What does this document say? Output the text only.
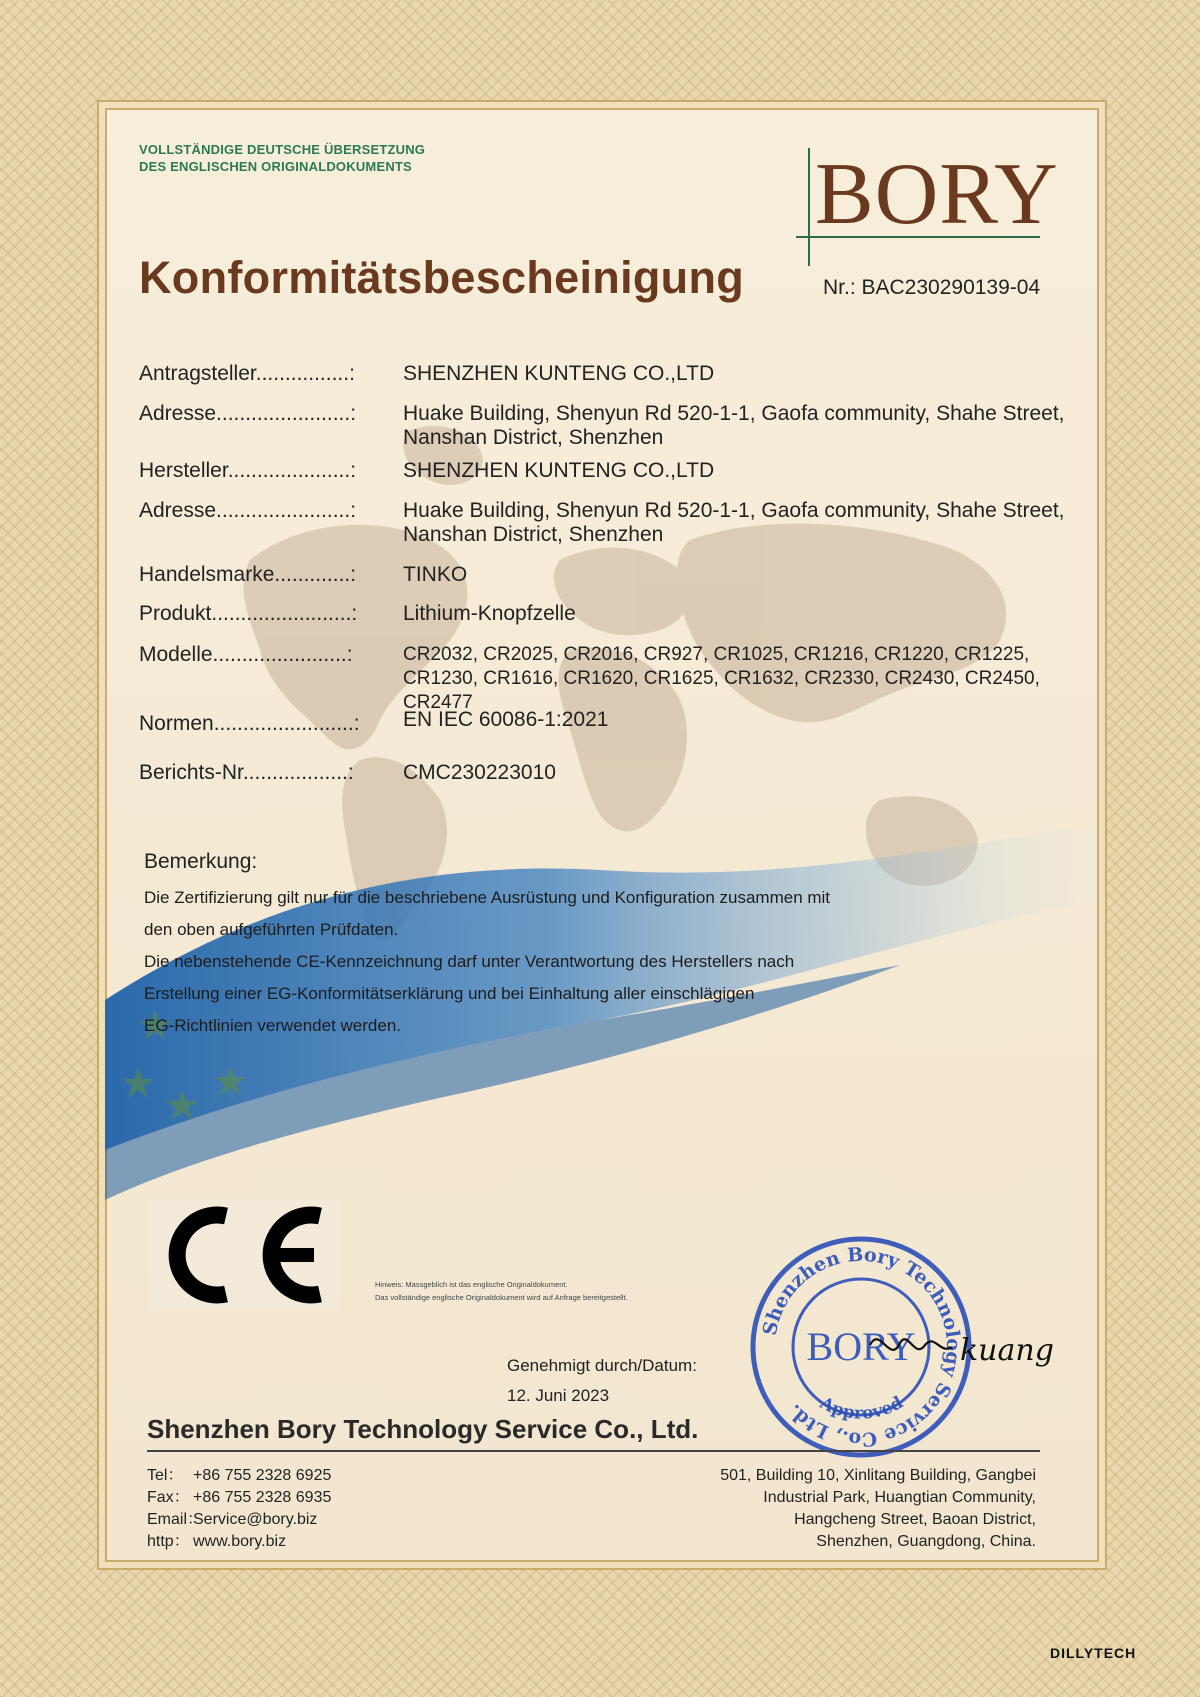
VOLLSTÄNDIGE DEUTSCHE ÜBERSETZUNG
DES ENGLISCHEN ORIGINALDOKUMENTS	BORY
Konformitätsbescheinigung	Nr.: BAC230290139-04
Antragsteller................: SHENZHEN KUNTENG CO.,LTD
Adresse.......................: Huake Building, Shenyun Rd 520-1-1, Gaofa community, Shahe Street, Nanshan District, Shenzhen
Hersteller.....................: SHENZHEN KUNTENG CO.,LTD
Adresse.......................: Huake Building, Shenyun Rd 520-1-1, Gaofa community, Shahe Street, Nanshan District, Shenzhen
Handelsmarke.............: TINKO
Produkt........................: Lithium-Knopfzelle
Modelle.......................:	CR2032, CR2025, CR2016, CR927, CR1025, CR1216, CR1220, CR1225, CR1230, CR1616, CR1620, CR1625, CR1632, CR2330, CR2430, CR2450, CR2477
Normen........................: EN IEC 60086-1:2021
Berichts-Nr..................: CMC230223010
Bemerkung:
Die Zertifizierung gilt nur für die beschriebene Ausrüstung und Konfiguration zusammen mit
den oben aufgeführten Prüfdaten.
Die nebenstehende CE-Kennzeichnung darf unter Verantwortung des Herstellers nach
Erstellung einer EG-Konformitätserklärung und bei Einhaltung aller einschlägigen
EG-Richtlinien verwendet werden.
Hinweis: Massgeblich ist das englische Originaldokument.
Das vollständige englische Originaldokument wird auf Anfrage bereitgestellt.
Genehmigt durch/Datum:
12. Juni 2023
Shenzhen Bory Technology Service Co., Ltd.
BORY
Approved
kuang
Shenzhen Bory Technology Service Co., Ltd.
Tel： +86 755 2328 6925
Fax： +86 755 2328 6935
Email：Service@bory.biz
http： www.bory.biz
501, Building 10, Xinlitang Building, Gangbei
Industrial Park, Huangtian Community,
Hangcheng Street, Baoan District,
Shenzhen, Guangdong, China.
DILLYTECH
